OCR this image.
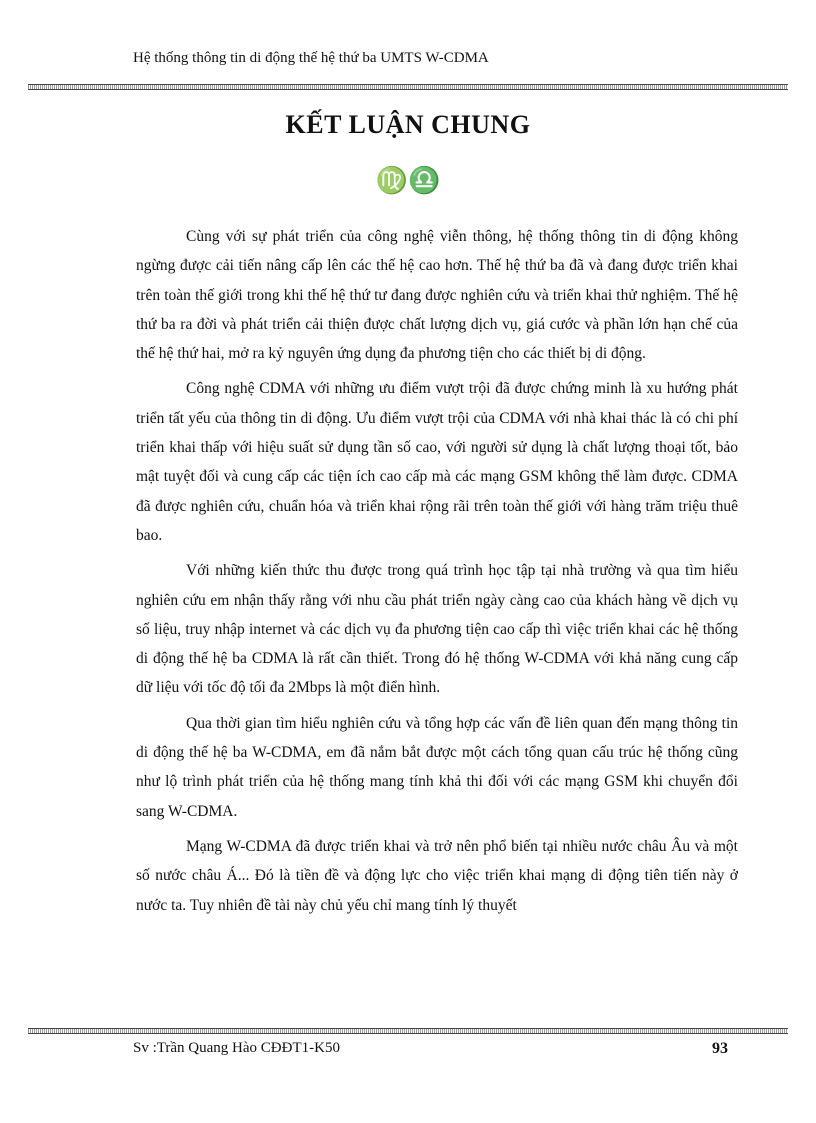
Hệ thống thông tin di động thế hệ thứ ba UMTS W-CDMA
KẾT LUẬN CHUNG
♍♎

Cùng với sự phát triển của công nghệ viễn thông, hệ thống thông tin di động không ngừng được cải tiến nâng cấp lên các thế hệ cao hơn. Thế hệ thứ ba đã và đang được triển khai trên toàn thế giới trong khi thế hệ thứ tư đang được nghiên cứu và triển khai thử nghiệm. Thế hệ thứ ba ra đời và phát triển cải thiện được chất lượng dịch vụ, giá cước và phần lớn hạn chế của thế hệ thứ hai, mở ra kỷ nguyên ứng dụng đa phương tiện cho các thiết bị di động.

Công nghệ CDMA với những ưu điểm vượt trội đã được chứng minh là xu hướng phát triển tất yếu của thông tin di động. Ưu điểm vượt trội của CDMA với nhà khai thác là có chi phí triển khai thấp với hiệu suất sử dụng tần số cao, với người sử dụng là chất lượng thoại tốt, bảo mật tuyệt đối và cung cấp các tiện ích cao cấp mà các mạng GSM không thể làm được. CDMA đã được nghiên cứu, chuẩn hóa và triển khai rộng rãi trên toàn thế giới với hàng trăm triệu thuê bao.

Với những kiến thức thu được trong quá trình học tập tại nhà trường và qua tìm hiểu nghiên cứu em nhận thấy rằng với nhu cầu phát triển ngày càng cao của khách hàng về dịch vụ số liệu, truy nhập internet và các dịch vụ đa phương tiện cao cấp thì việc triển khai các hệ thống di động thế hệ ba CDMA là rất cần thiết. Trong đó hệ thống W-CDMA với khả năng cung cấp dữ liệu với tốc độ tối đa 2Mbps là một điển hình.

Qua thời gian tìm hiểu nghiên cứu và tổng hợp các vấn đề liên quan đến mạng thông tin di động thế hệ ba W-CDMA, em đã nắm bắt được một cách tổng quan cấu trúc hệ thống cũng như lộ trình phát triển của hệ thống mang tính khả thi đối với các mạng GSM khi chuyển đổi sang W-CDMA.

Mạng W-CDMA đã được triển khai và trở nên phổ biến tại nhiều nước châu Âu và một số nước châu Á... Đó là tiền đề và động lực cho việc triển khai mạng di động tiên tiến này ở nước ta. Tuy nhiên đề tài này chủ yếu chỉ mang tính lý thuyết

Sv :Trần Quang Hào CĐĐT1-K50	93
